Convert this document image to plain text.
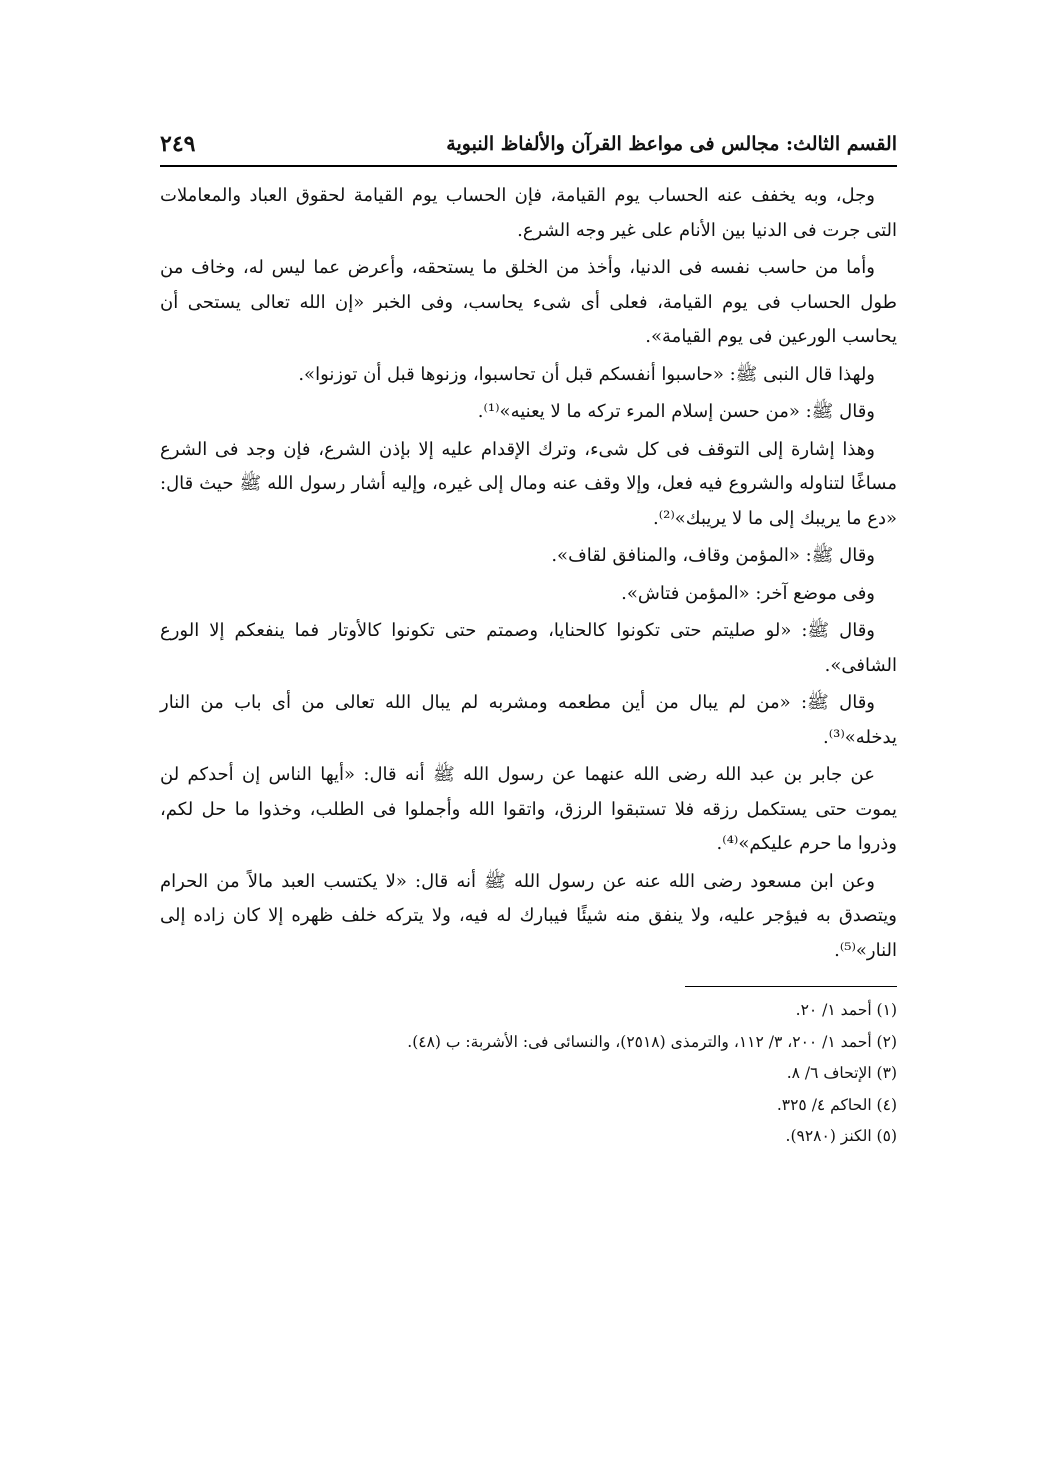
القسم الثالث: مجالس فى مواعظ القرآن والألفاظ النبوية
٢٤٩

وجل، وبه يخفف عنه الحساب يوم القيامة، فإن الحساب يوم القيامة لحقوق العباد والمعاملات التى جرت فى الدنيا بين الأنام على غير وجه الشرع.

وأما من حاسب نفسه فى الدنيا، وأخذ من الخلق ما يستحقه، وأعرض عما ليس له، وخاف من طول الحساب فى يوم القيامة، فعلى أى شىء يحاسب، وفى الخبر «إن الله تعالى يستحى أن يحاسب الورعين فى يوم القيامة».

ولهذا قال النبى ﷺ: «حاسبوا أنفسكم قبل أن تحاسبوا، وزنوها قبل أن توزنوا».

وقال ﷺ: «من حسن إسلام المرء تركه ما لا يعنيه»⁽¹⁾.

وهذا إشارة إلى التوقف فى كل شىء، وترك الإقدام عليه إلا بإذن الشرع، فإن وجد فى الشرع مساغًا لتناوله والشروع فيه فعل، وإلا وقف عنه ومال إلى غيره، وإليه أشار رسول الله ﷺ حيث قال: «دع ما يريبك إلى ما لا يريبك»⁽²⁾.

وقال ﷺ: «المؤمن وقاف، والمنافق لقاف».

وفى موضع آخر: «المؤمن فتاش».

وقال ﷺ: «لو صليتم حتى تكونوا كالحنايا، وصمتم حتى تكونوا كالأوتار فما ينفعكم إلا الورع الشافى».

وقال ﷺ: «من لم يبال من أين مطعمه ومشربه لم يبال الله تعالى من أى باب من النار يدخله»⁽³⁾.

عن جابر بن عبد الله رضى الله عنهما عن رسول الله ﷺ أنه قال: «أيها الناس إن أحدكم لن يموت حتى يستكمل رزقه فلا تستبقوا الرزق، واتقوا الله وأجملوا فى الطلب، وخذوا ما حل لكم، وذروا ما حرم عليكم»⁽⁴⁾.

وعن ابن مسعود رضى الله عنه عن رسول الله ﷺ أنه قال: «لا يكتسب العبد مالاً من الحرام ويتصدق به فيؤجر عليه، ولا ينفق منه شيئًا فيبارك له فيه، ولا يتركه خلف ظهره إلا كان زاده إلى النار»⁽⁵⁾.

(١) أحمد ١/ ٢٠.

(٢) أحمد ١/ ٢٠٠، ٣/ ١١٢، والترمذى (٢٥١٨)، والنسائى فى: الأشربة: ب (٤٨).

(٣) الإتحاف ٦/ ٨.

(٤) الحاكم ٤/ ٣٢٥.

(٥) الكنز (٩٢٨٠).
